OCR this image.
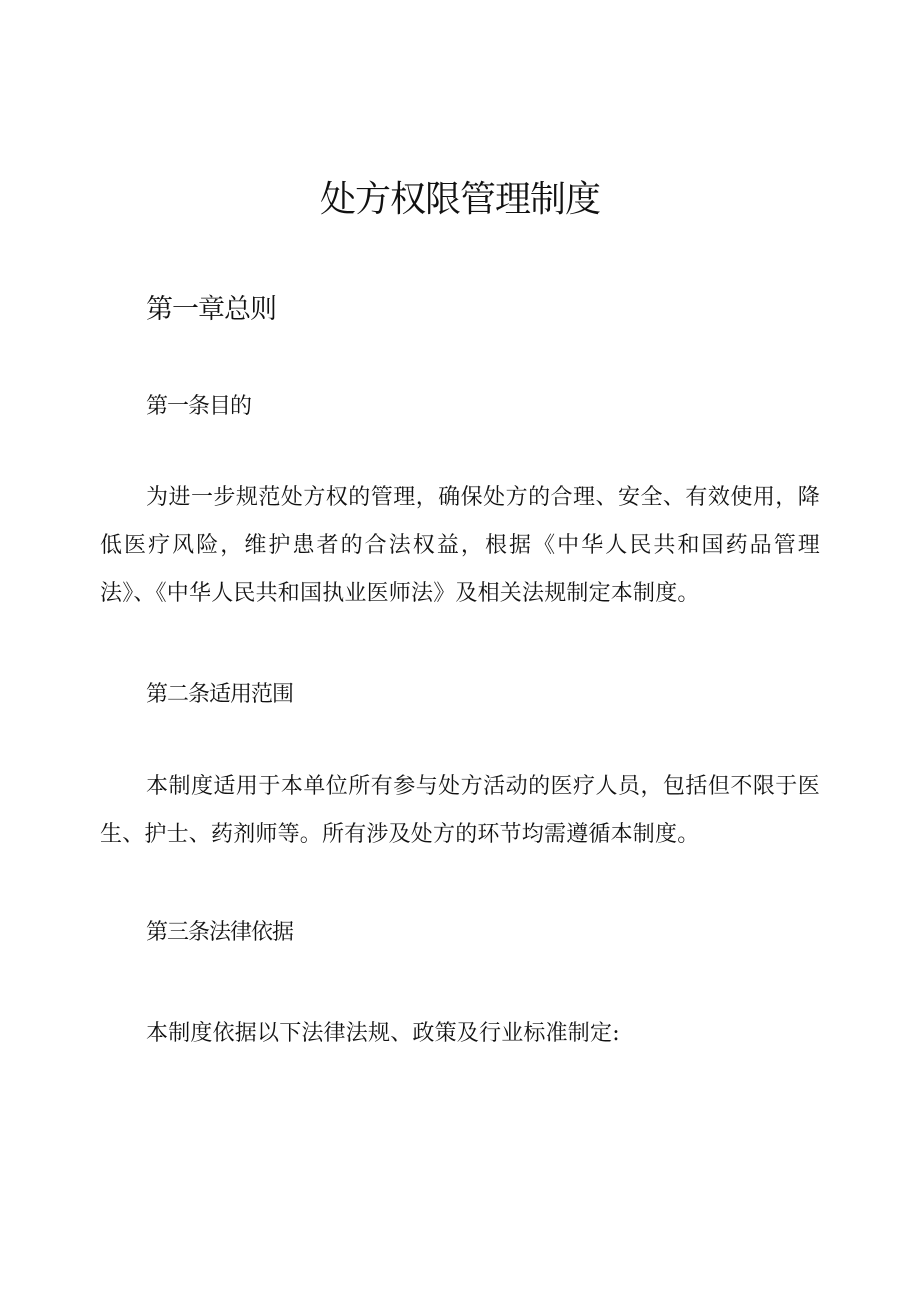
处方权限管理制度
第一章总则
第一条目的

为进一步规范处方权的管理，确保处方的合理、安全、有效使用，降低医疗风险，维护患者的合法权益，根据《中华人民共和国药品管理法》、《中华人民共和国执业医师法》及相关法规制定本制度。

第二条适用范围

本制度适用于本单位所有参与处方活动的医疗人员，包括但不限于医生、护士、药剂师等。所有涉及处方的环节均需遵循本制度。

第三条法律依据

本制度依据以下法律法规、政策及行业标准制定:
